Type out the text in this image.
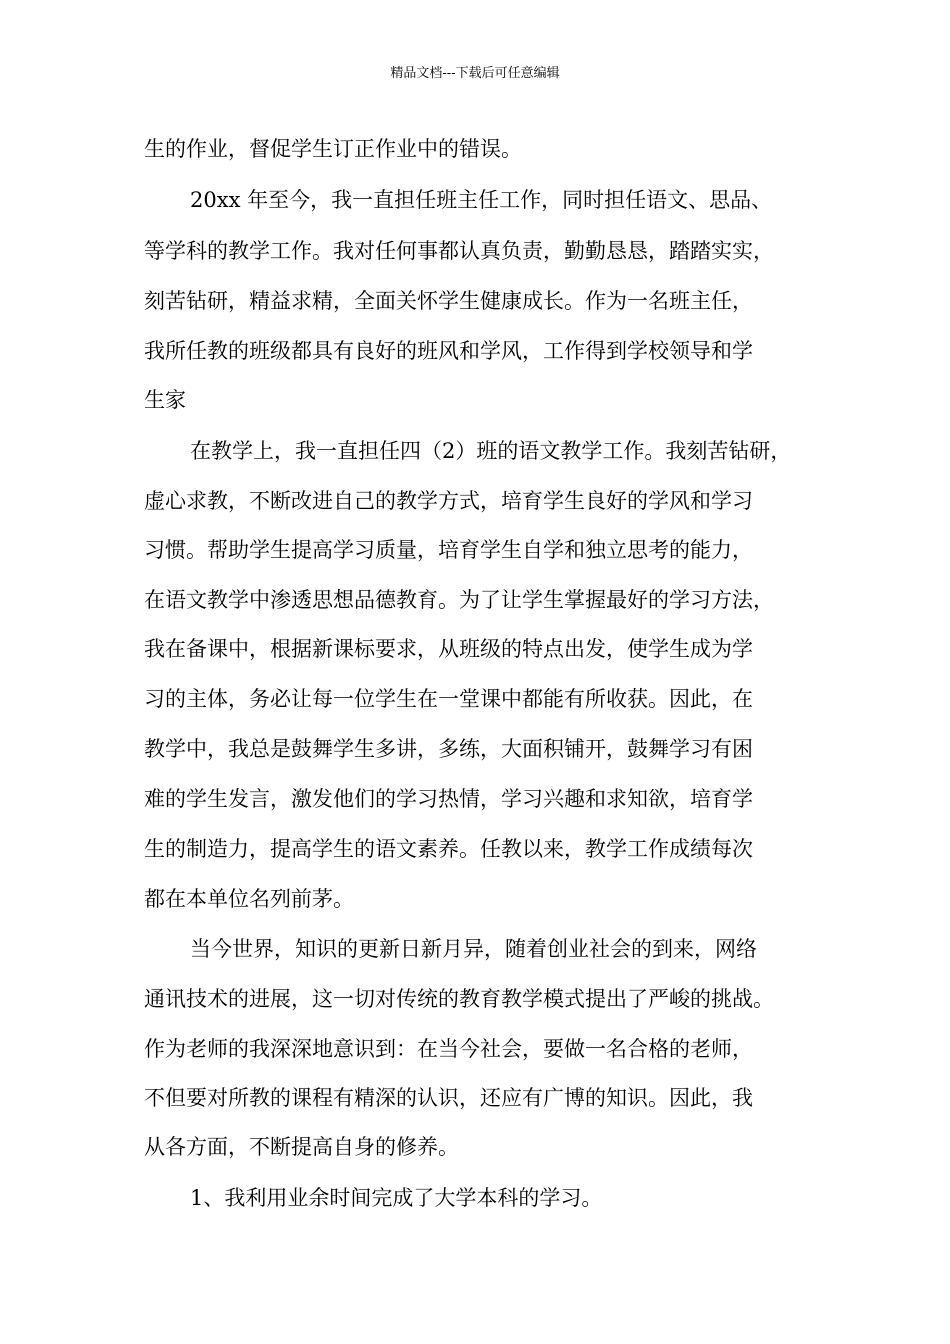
精品文档---下载后可任意编辑
生的作业，督促学生订正作业中的错误。
20xx 年至今，我一直担任班主任工作，同时担任语文、思品、
等学科的教学工作。我对任何事都认真负责，勤勤恳恳，踏踏实实，
刻苦钻研，精益求精，全面关怀学生健康成长。作为一名班主任，
我所任教的班级都具有良好的班风和学风，工作得到学校领导和学
生家
在教学上，我一直担任四（2）班的语文教学工作。我刻苦钻研，
虚心求教，不断改进自己的教学方式，培育学生良好的学风和学习
习惯。帮助学生提高学习质量，培育学生自学和独立思考的能力，
在语文教学中渗透思想品德教育。为了让学生掌握最好的学习方法，
我在备课中，根据新课标要求，从班级的特点出发，使学生成为学
习的主体，务必让每一位学生在一堂课中都能有所收获。因此，在
教学中，我总是鼓舞学生多讲，多练，大面积铺开，鼓舞学习有困
难的学生发言，激发他们的学习热情，学习兴趣和求知欲，培育学
生的制造力，提高学生的语文素养。任教以来，教学工作成绩每次
都在本单位名列前茅。
当今世界，知识的更新日新月异，随着创业社会的到来，网络
通讯技术的进展，这一切对传统的教育教学模式提出了严峻的挑战。
作为老师的我深深地意识到：在当今社会，要做一名合格的老师，
不但要对所教的课程有精深的认识，还应有广博的知识。因此，我
从各方面，不断提高自身的修养。
1、我利用业余时间完成了大学本科的学习。
